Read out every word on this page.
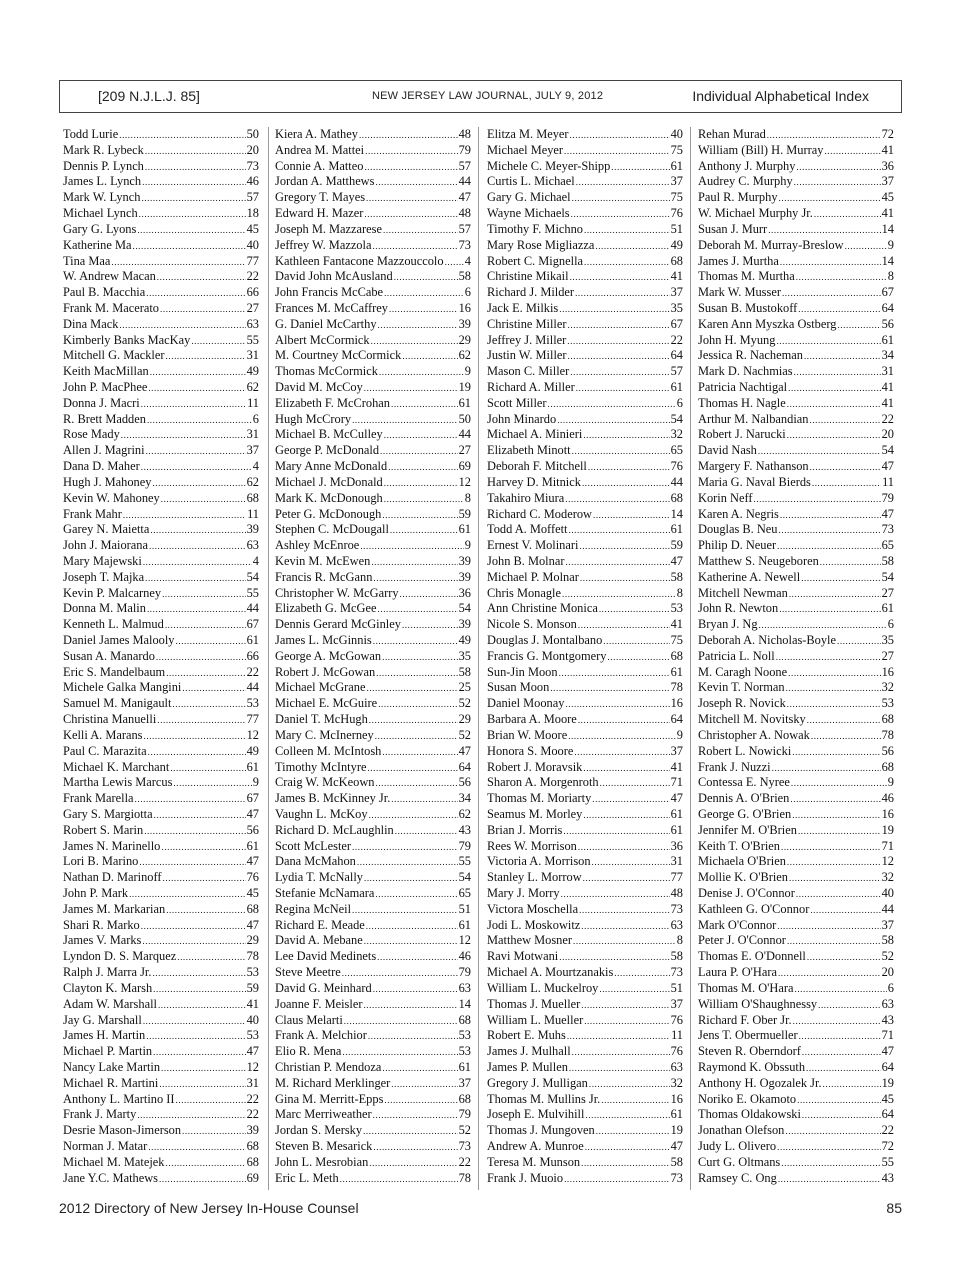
[209 N.J.L.J. 85]	NEW JERSEY LAW JOURNAL, JULY 9, 2012	Individual Alphabetical Index
Todd Lurie .....	50
Mark R. Lybeck .....	20
Dennis P. Lynch .....	73
James L. Lynch .....	46
Mark W. Lynch .....	57
Michael Lynch .....	18
Gary G. Lyons .....	45
Katherine Ma .....	40
Tina Maa .....	77
W. Andrew Macan .....	22
Paul B. Macchia .....	66
Frank M. Macerato .....	27
Dina Mack .....	63
Kimberly Banks MacKay .....	55
Mitchell G. Mackler .....	31
Keith MacMillan .....	49
John P. MacPhee .....	62
Donna J. Macri .....	11
R. Brett Madden .....	6
Rose Mady .....	31
Allen J. Magrini .....	37
Dana D. Maher .....	4
Hugh J. Mahoney .....	62
Kevin W. Mahoney .....	68
Frank Mahr .....	11
Garey N. Maietta .....	39
John J. Maiorana .....	63
Mary Majewski .....	4
Joseph T. Majka .....	54
Kevin P. Malcarney .....	55
Donna M. Malin .....	44
Kenneth L. Malmud .....	67
Daniel James Malooly .....	61
Susan A. Manardo .....	66
Eric S. Mandelbaum .....	22
Michele Galka Mangini .....	44
Samuel M. Manigault .....	53
Christina Manuelli .....	77
Kelli A. Marans .....	12
Paul C. Marazita .....	49
Michael K. Marchant .....	61
Martha Lewis Marcus .....	9
Frank Marella .....	67
Gary S. Margiotta .....	47
Robert S. Marin .....	56
James N. Marinello .....	61
Lori B. Marino .....	47
Nathan D. Marinoff .....	76
John P. Mark .....	45
James M. Markarian .....	68
Shari R. Marko .....	47
James V. Marks .....	29
Lyndon D. S. Marquez .....	78
Ralph J. Marra Jr. .....	53
Clayton K. Marsh .....	59
Adam W. Marshall .....	41
Jay G. Marshall .....	40
James H. Martin .....	53
Michael P. Martin .....	47
Nancy Lake Martin .....	12
Michael R. Martini .....	31
Anthony L. Martino II .....	22
Frank J. Marty .....	22
Desrie Mason-Jimerson .....	39
Norman J. Matar .....	68
Michael M. Matejek .....	68
Jane Y.C. Mathews .....	69
Kiera A. Mathey .....	48
Andrea M. Mattei .....	79
Connie A. Matteo .....	57
Jordan A. Matthews .....	44
Gregory T. Mayes .....	47
Edward H. Mazer .....	48
Joseph M. Mazzarese .....	57
Jeffrey W. Mazzola .....	73
Kathleen Fantacone Mazzouccolo ..... 4
David John McAusland .....	58
John Francis McCabe .....	6
Frances M. McCaffrey .....	16
G. Daniel McCarthy .....	39
Albert McCormick .....	29
M. Courtney McCormick .....	62
Thomas McCormick .....	9
David M. McCoy .....	19
Elizabeth F. McCrohan .....	61
Hugh McCrory .....	50
Michael B. McCulley .....	44
George P. McDonald .....	27
Mary Anne McDonald .....	69
Michael J. McDonald .....	12
Mark K. McDonough .....	8
Peter G. McDonough .....	59
Stephen C. McDougall .....	61
Ashley McEnroe .....	9
Kevin M. McEwen .....	39
Francis R. McGann .....	39
Christopher W. McGarry .....	36
Elizabeth G. McGee .....	54
Dennis Gerard McGinley .....	39
James L. McGinnis .....	49
George A. McGowan .....	35
Robert J. McGowan .....	58
Michael McGrane .....	25
Michael E. McGuire .....	52
Daniel T. McHugh .....	29
Mary C. McInerney .....	52
Colleen M. McIntosh .....	47
Timothy McIntyre .....	64
Craig W. McKeown .....	56
James B. McKinney Jr. .....	34
Vaughn L. McKoy .....	62
Richard D. McLaughlin .....	43
Scott McLester .....	79
Dana McMahon .....	55
Lydia T. McNally .....	54
Stefanie McNamara .....	65
Regina McNeil .....	51
Richard E. Meade .....	61
David A. Mebane .....	12
Lee David Medinets .....	46
Steve Meetre .....	79
David G. Meinhard .....	63
Joanne F. Meisler .....	14
Claus Melarti .....	68
Frank A. Melchior .....	53
Elio R. Mena .....	53
Christian P. Mendoza .....	61
M. Richard Merklinger .....	37
Gina M. Merritt-Epps .....	68
Marc Merriweather .....	79
Jordan S. Mersky .....	52
Steven B. Mesarick .....	73
John L. Mesrobian .....	22
Eric L. Meth .....	78
Elitza M. Meyer .....	40
Michael Meyer .....	75
Michele C. Meyer-Shipp .....	61
Curtis L. Michael .....	37
Gary G. Michael .....	75
Wayne Michaels .....	76
Timothy F. Michno .....	51
Mary Rose Migliazza .....	49
Robert C. Mignella .....	68
Christine Mikail .....	41
Richard J. Milder .....	37
Jack E. Milkis .....	35
Christine Miller .....	67
Jeffrey J. Miller .....	22
Justin W. Miller .....	64
Mason C. Miller .....	57
Richard A. Miller .....	61
Scott Miller .....	6
John Minardo .....	54
Michael A. Minieri .....	32
Elizabeth Minott .....	65
Deborah F. Mitchell .....	76
Harvey D. Mitnick .....	44
Takahiro Miura .....	68
Richard C. Moderow .....	14
Todd A. Moffett .....	61
Ernest V. Molinari .....	59
John B. Molnar .....	47
Michael P. Molnar .....	58
Chris Monagle .....	8
Ann Christine Monica .....	53
Nicole S. Monson .....	41
Douglas J. Montalbano .....	75
Francis G. Montgomery .....	68
Sun-Jin Moon .....	61
Susan Moon .....	78
Daniel Moonay .....	16
Barbara A. Moore .....	64
Brian W. Moore .....	9
Honora S. Moore .....	37
Robert J. Moravsik .....	41
Sharon A. Morgenroth .....	71
Thomas M. Moriarty .....	47
Seamus M. Morley .....	61
Brian J. Morris .....	61
Rees W. Morrison .....	36
Victoria A. Morrison .....	31
Stanley L. Morrow .....	77
Mary J. Morry .....	48
Victora Moschella .....	73
Jodi L. Moskowitz .....	63
Matthew Mosner .....	8
Ravi Motwani .....	58
Michael A. Mourtzanakis .....	73
William L. Muckelroy .....	51
Thomas J. Mueller .....	37
William L. Mueller .....	76
Robert E. Muhs .....	11
James J. Mulhall .....	76
James P. Mullen .....	63
Gregory J. Mulligan .....	32
Thomas M. Mullins Jr. .....	16
Joseph E. Mulvihill .....	61
Thomas J. Mungoven .....	19
Andrew A. Munroe .....	47
Teresa M. Munson .....	58
Frank J. Muoio .....	73
Rehan Murad .....	72
William (Bill) H. Murray .....	41
Anthony J. Murphy .....	36
Audrey C. Murphy .....	37
Paul R. Murphy .....	45
W. Michael Murphy Jr. .....	41
Susan J. Murr .....	14
Deborah M. Murray-Breslow .....	9
James J. Murtha .....	14
Thomas M. Murtha .....	8
Mark W. Musser .....	67
Susan B. Mustokoff .....	64
Karen Ann Myszka Ostberg .....	56
John H. Myung .....	61
Jessica R. Nacheman .....	34
Mark D. Nachmias .....	31
Patricia Nachtigal .....	41
Thomas H. Nagle .....	41
Arthur M. Nalbandian .....	22
Robert J. Narucki .....	20
David Nash .....	54
Margery F. Nathanson .....	47
Maria G. Naval Bierds .....	11
Korin Neff .....	79
Karen A. Negris .....	47
Douglas B. Neu .....	73
Philip D. Neuer .....	65
Matthew S. Neugeboren .....	58
Katherine A. Newell .....	54
Mitchell Newman .....	27
John R. Newton .....	61
Bryan J. Ng .....	6
Deborah A. Nicholas-Boyle .....	35
Patricia L. Noll .....	27
M. Caragh Noone .....	16
Kevin T. Norman .....	32
Joseph R. Novick .....	53
Mitchell M. Novitsky .....	68
Christopher A. Nowak .....	78
Robert L. Nowicki .....	56
Frank J. Nuzzi .....	68
Contessa E. Nyree .....	9
Dennis A. O'Brien .....	46
George G. O'Brien .....	16
Jennifer M. O'Brien .....	19
Keith T. O'Brien .....	71
Michaela O'Brien .....	12
Mollie K. O'Brien .....	32
Denise J. O'Connor .....	40
Kathleen G. O'Connor .....	44
Mark O'Connor .....	37
Peter J. O'Connor .....	58
Thomas E. O'Donnell .....	52
Laura P. O'Hara .....	20
Thomas M. O'Hara .....	6
William O'Shaughnessy .....	63
Richard F. Ober Jr. .....	43
Jens T. Obermueller .....	71
Steven R. Oberndorf .....	47
Raymond K. Obssuth .....	64
Anthony H. Ogozalek Jr. .....	19
Noriko E. Okamoto .....	45
Thomas Oldakowski .....	64
Jonathan Olefson .....	22
Judy L. Olivero .....	72
Curt G. Oltmans .....	55
Ramsey C. Ong .....	43
2012 Directory of New Jersey In-House Counsel	85
